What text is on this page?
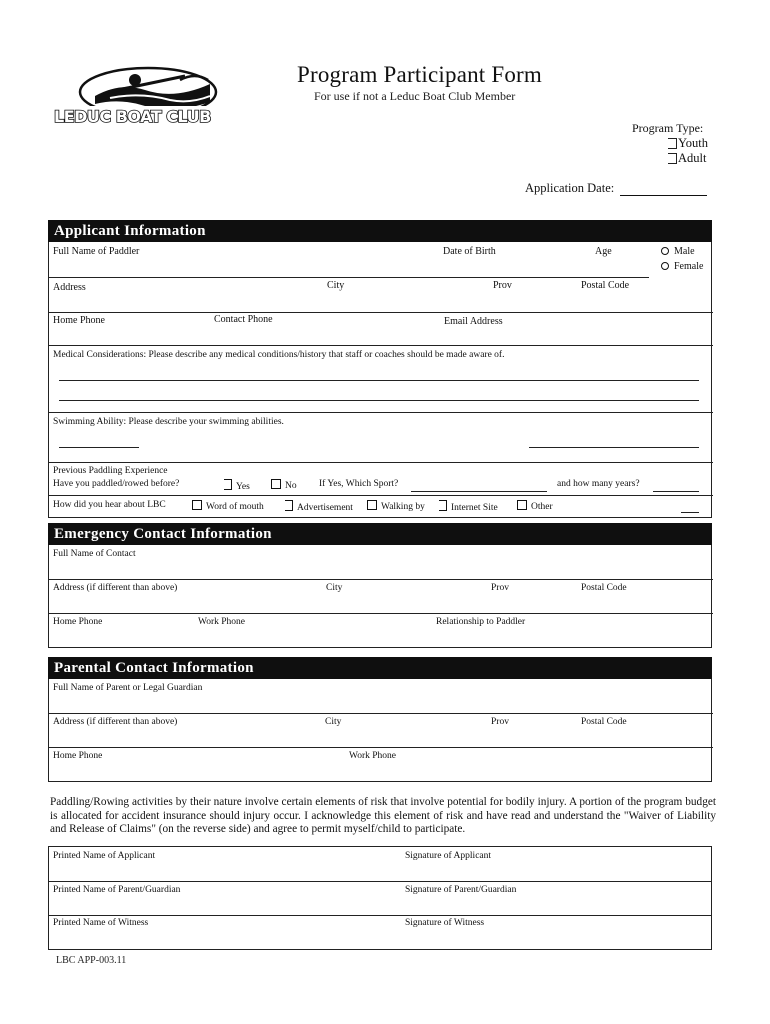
LEDUC BOAT CLUB
Program Participant Form
For use if not a Leduc Boat Club Member
Program Type:
Youth
Adult
Application Date:
Applicant Information
Full Name of Paddler	Date of Birth	Age	Male
Female
Address	City	Prov	Postal Code
Home Phone	Contact Phone	Email Address
Medical Considerations: Please describe any medical conditions/history that staff or coaches should be made aware of.
Swimming Ability: Please describe your swimming abilities.
Previous Paddling Experience
Have you paddled/rowed before?	Yes	No If Yes, Which Sport?	and how many years?
How did you hear about LBC	Word of mouth	Advertisement	Walking by	Internet Site	Other
Emergency Contact Information
Full Name of Contact
Address (if different than above)	City	Prov	Postal Code
Home Phone	Work Phone	Relationship to Paddler
Parental Contact Information
Full Name of Parent or Legal Guardian
Address (if different than above)	City	Prov	Postal Code
Home Phone	Work Phone
Paddling/Rowing activities by their nature involve certain elements of risk that involve potential for bodily injury. A portion of the program budget is allocated for accident insurance should injury occur. I acknowledge this element of risk and have read and understand the "Waiver of Liability and Release of Claims" (on the reverse side) and agree to permit myself/child to participate.
Printed Name of Applicant	Signature of Applicant
Printed Name of Parent/Guardian	Signature of Parent/Guardian
Printed Name of Witness	Signature of Witness
LBC APP-003.11
